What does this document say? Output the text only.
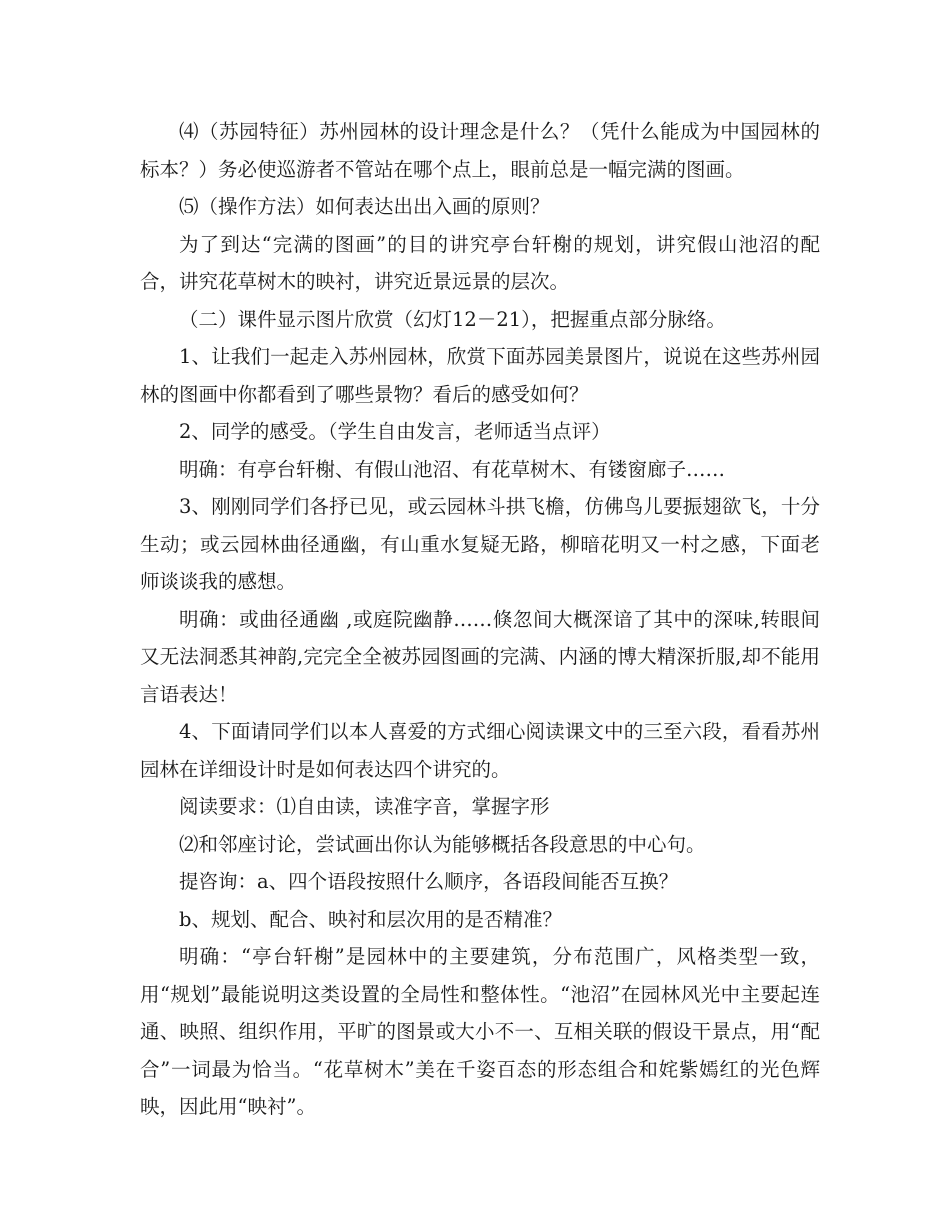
⑷（苏园特征）苏州园林的设计理念是什么？（凭什么能成为中国园林的标本？）务必使巡游者不管站在哪个点上，眼前总是一幅完满的图画。

⑸（操作方法）如何表达出出入画的原则？

为了到达“完满的图画”的目的讲究亭台轩榭的规划，讲究假山池沼的配合，讲究花草树木的映衬，讲究近景远景的层次。

（二）课件显示图片欣赏（幻灯12－21），把握重点部分脉络。

1、让我们一起走入苏州园林，欣赏下面苏园美景图片，说说在这些苏州园林的图画中你都看到了哪些景物？看后的感受如何？

2、同学的感受。（学生自由发言，老师适当点评）

明确：有亭台轩榭、有假山池沼、有花草树木、有镂窗廊子……

3、刚刚同学们各抒已见，或云园林斗拱飞檐，仿佛鸟儿要振翅欲飞，十分生动；或云园林曲径通幽，有山重水复疑无路，柳暗花明又一村之感，下面老师谈谈我的感想。

明确：或曲径通幽 ,或庭院幽静……倏忽间大概深谙了其中的深味,转眼间又无法洞悉其神韵,完完全全被苏园图画的完满、内涵的博大精深折服,却不能用言语表达！

4、下面请同学们以本人喜爱的方式细心阅读课文中的三至六段，看看苏州园林在详细设计时是如何表达四个讲究的。

阅读要求：⑴自由读，读准字音，掌握字形

⑵和邻座讨论，尝试画出你认为能够概括各段意思的中心句。

提咨询：a、四个语段按照什么顺序，各语段间能否互换？

b、规划、配合、映衬和层次用的是否精准？

明确：“亭台轩榭”是园林中的主要建筑，分布范围广，风格类型一致，用“规划”最能说明这类设置的全局性和整体性。“池沼”在园林风光中主要起连通、映照、组织作用，平旷的图景或大小不一、互相关联的假设干景点，用“配合”一词最为恰当。“花草树木”美在千姿百态的形态组合和姹紫嫣红的光色辉映，因此用“映衬”。
